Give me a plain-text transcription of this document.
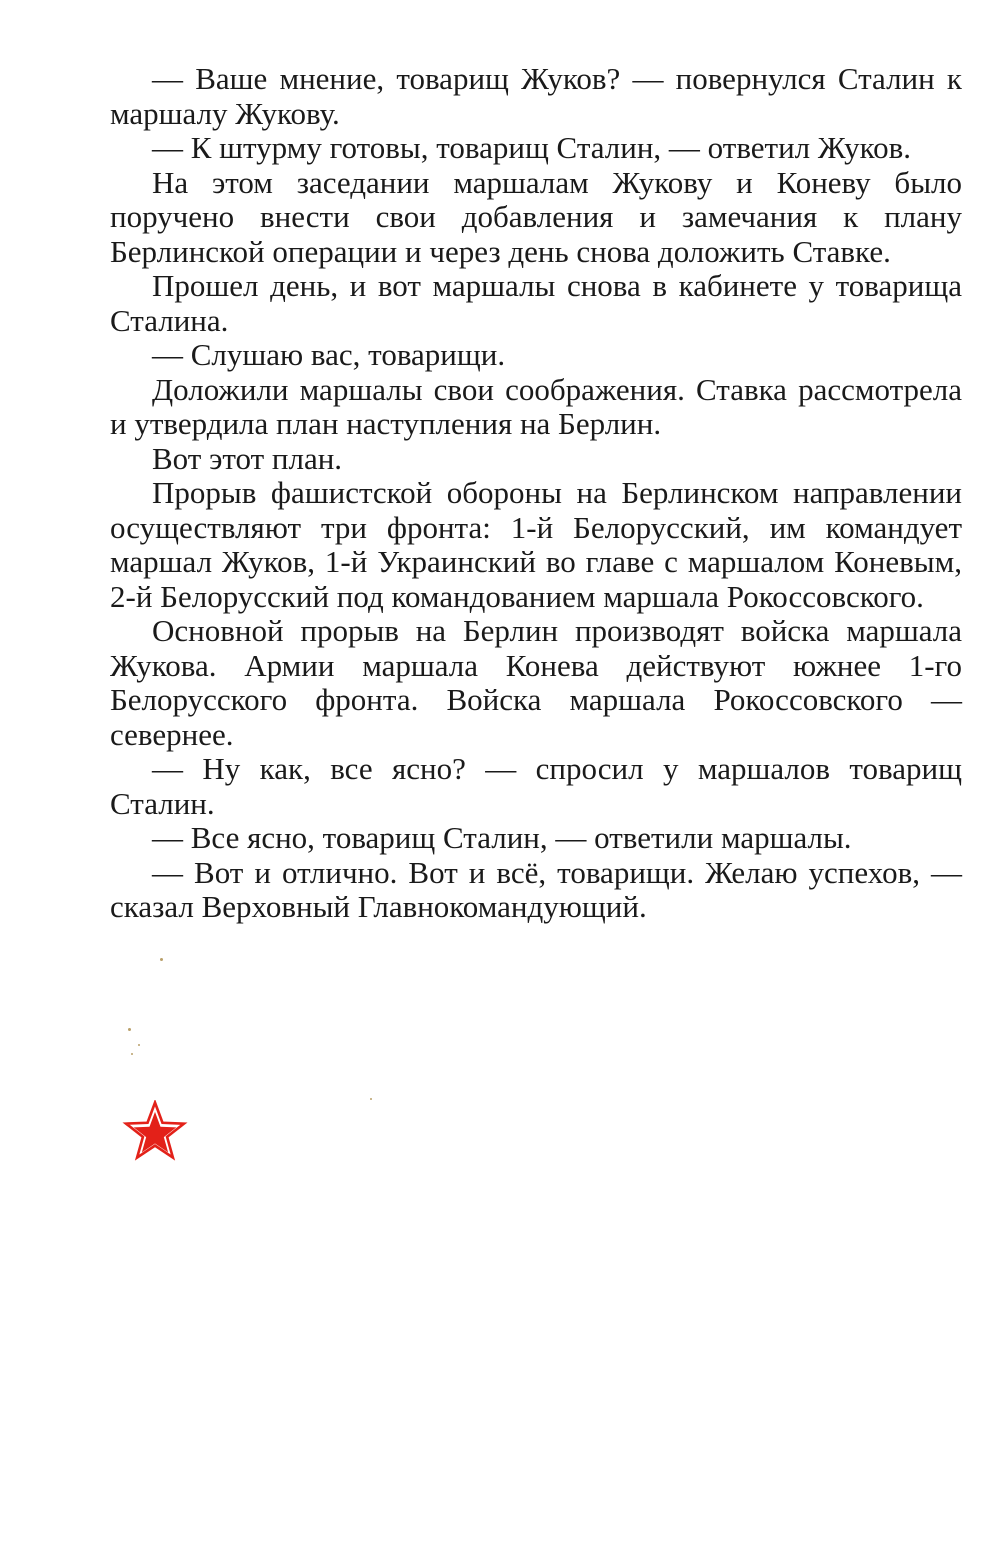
— Ваше мнение, товарищ Жуков? — повернулся Сталин к маршалу Жукову.

— К штурму готовы, товарищ Сталин, — ответил Жуков.

На этом заседании маршалам Жукову и Коневу было поручено внести свои добавления и замечания к плану Берлинской операции и через день снова доложить Ставке.

Прошел день, и вот маршалы снова в кабинете у товарища Сталина.

— Слушаю вас, товарищи.

Доложили маршалы свои соображения. Ставка рассмотрела и утвердила план наступления на Берлин.

Вот этот план.

Прорыв фашистской обороны на Берлинском направлении осуществляют три фронта: 1-й Белорусский, им командует маршал Жуков, 1-й Украинский во главе с маршалом Коневым, 2-й Белорусский под командованием маршала Рокоссовского.

Основной прорыв на Берлин производят войска маршала Жукова. Армии маршала Конева действуют южнее 1-го Белорусского фронта. Войска маршала Рокоссовского — севернее.

— Ну как, все ясно? — спросил у маршалов товарищ Сталин.

— Все ясно, товарищ Сталин, — ответили маршалы.

— Вот и отлично. Вот и всё, товарищи. Желаю успехов, — сказал Верховный Главнокомандующий.
